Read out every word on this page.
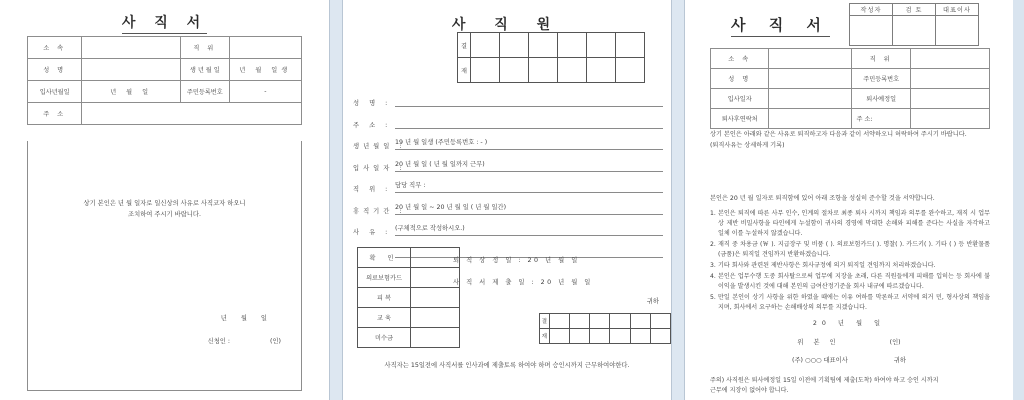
사 직 서
소 속		직 위	
성 명		생 년 월 일	년 월 일생
입사년월일	년 월 일	주민등록번호	-
주 소			
상기 본인은 년 월 일자로 일신상의 사유로 사직코자 하오니
조치하여 주시기 바랍니다.
년 월 일
신청인 :	(인)
사 직 원
결						
재						
성 명 :
주 소 :
생년월일 :
19 년 월 일생 (주민등록번호 : - )
입사일자 :
20 년 월 일 ( 년 월 일까지 근무)
직 위 :
담당 직무 :
휴직기간 :
20 년 월 일 ~ 20 년 월 일 ( 년 월 일간)
사 유 :
(구체적으로 작성하시오.)
확 인	
의료보험카드	
피 복	
교 육	
미수금	
퇴 직 상 정 일 : 20 년 월 일
사 직 서 제 출 일 : 20 년 월 일
귀하
결						
재						
사직자는 15일전에 사직서를 인사과에 제출토록 하여야 하며 승인시까지 근무하여야한다.
사 직 서
작성자	검 토	대표이사

소 속		직 위	
성 명		주민등록번호	
입사일자		퇴사예정일	
퇴사후연락처		주 소:	
상기 본인은 아래와 같은 사유로 퇴직하고자 다음과 같이 서약하오니 허락하여 주시기 바랍니다.
(퇴직사유는 상세하게 기록)
본인은 20 년 월 일자로 퇴직함에 있어 아래 조항을 성실히 준수할 것을 서약합니다.
1. 본인은 퇴직에 따른 사무 인수, 인계의 절차로 최종 퇴사 시까지 책임과 의무를 완수하고, 재직 시 업무상 제반 비밀사항을 타인에게 누설함이 귀사의 경영에 막대한 손해와 피해를 준다는 사실을 자각하고 일체 이를 누설하지 않겠습니다.
2. 재직 중 차용금 (￦ ). 지급장구 및 비품 ( ). 의료보험카드( ). 명찰( ). 카드키( ). 기타 ( ) 등 반환물품(금품)은 퇴직일 견임까지 반환하겠습니다.
3. 기타 회사와 관련된 제반사항은 회사규정에 의거 퇴직일 견임까지 처리하겠습니다.
4. 본인은 업무수행 도중 회사탈으로써 업무에 지장을 초래, 다른 직원들에게 피해를 입히는 등 회사에 불이익을 발생시킨 것에 대해 본인의 급여산정기준을 회사 내규에 따르겠습니다.
5. 만일 본인이 상기 사항을 위한 하였을 때에는 이유 여하를 막론하고 서약에 의거 민, 형사상의 책임을 지며, 회사에서 요구하는 손해배상의 의무를 지겠습니다.
20 년 월 일
위 본 인	(인)
(주) ○○○ 대표이사	귀하
주의) 사직원은 퇴사예정일 15일 이전에 기획팀에 제출(도착) 하여야 하고 승인 시까지
근무에 지장이 없어야 합니다.
